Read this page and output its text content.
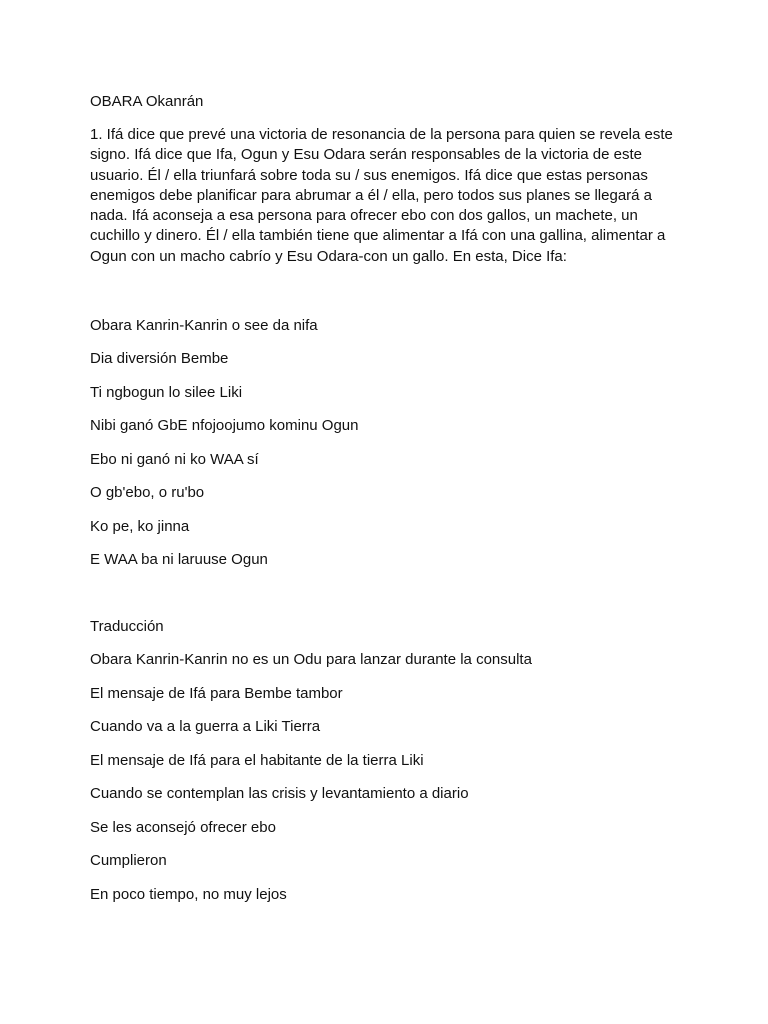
OBARA Okanrán

1. Ifá dice que prevé una victoria de resonancia de la persona para quien se revela este
signo. Ifá dice que Ifa, Ogun y Esu Odara serán responsables de la victoria de este
usuario. Él / ella triunfará sobre toda su / sus enemigos. Ifá dice que estas personas
enemigos debe planificar para abrumar a él / ella, pero todos sus planes se llegará a
nada. Ifá aconseja a esa persona para ofrecer ebo con dos gallos, un machete, un
cuchillo y dinero. Él / ella también tiene que alimentar a Ifá con una gallina, alimentar a
Ogun con un macho cabrío y Esu Odara-con un gallo. En esta, Dice Ifa:

Obara Kanrin-Kanrin o see da nifa

Dia diversión Bembe

Ti ngbogun lo silee Liki

Nibi ganó GbE nfojoojumo kominu Ogun

Ebo ni ganó ni ko WAA sí

O gb'ebo, o ru'bo

Ko pe, ko jinna

E WAA ba ni laruuse Ogun

Traducción

Obara Kanrin-Kanrin no es un Odu para lanzar durante la consulta

El mensaje de Ifá para Bembe tambor

Cuando va a la guerra a Liki Tierra

El mensaje de Ifá para el habitante de la tierra Liki

Cuando se contemplan las crisis y levantamiento a diario

Se les aconsejó ofrecer ebo

Cumplieron

En poco tiempo, no muy lejos
